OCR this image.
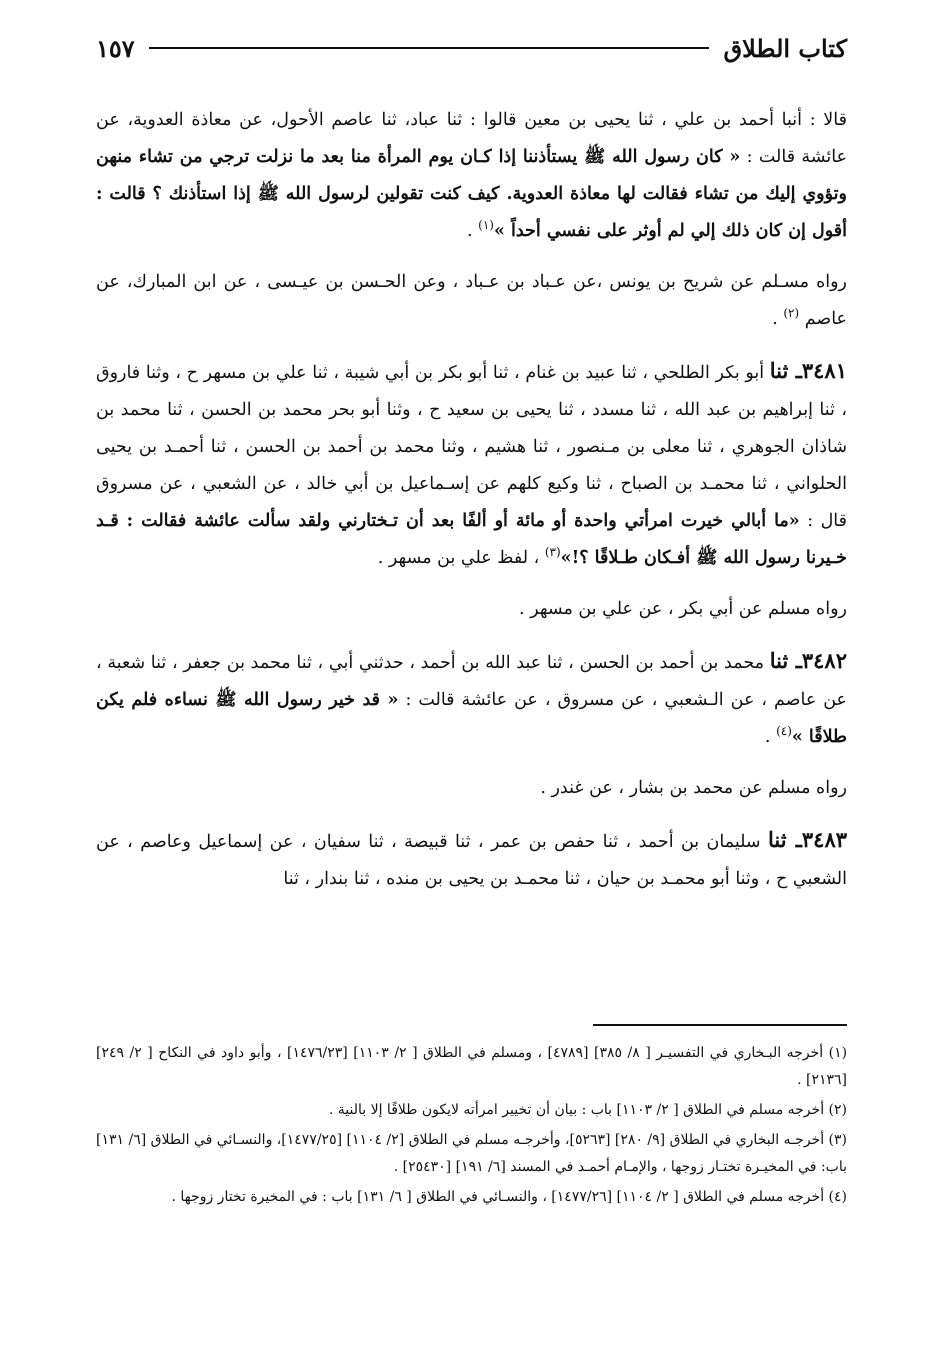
كتاب الطلاق
١٥٧

قالا : أنبا أحمد بن علي ، ثنا يحيى بن معين قالوا : ثنا عباد، ثنا عاصم الأحول، عن معاذة العدوية، عن عائشة قالت : « كان رسول الله ﷺ يستأذننا إذا كـان يوم المرأة منا بعد ما نزلت ترجي من تشاء منهن وتؤوي إليك من تشاء فقالت لها معاذة العدوية. كيف كنت تقولين لرسول الله ﷺ إذا استأذنك ؟ قالت : أقول إن كان ذلك إلي لم أوثر على نفسي أحداً »$^{(١)}$ .

رواه مسـلم عن شريح بن يونس ،عن عـباد بن عـباد ، وعن الحـسن بن عيـسى ، عن ابن المبارك، عن عاصم $^{(٢)}$ .

٣٤٨١ـ ثنا أبو بكر الطلحي ، ثنا عبيد بن غنام ، ثنا أبو بكر بن أبي شيبة ، ثنا علي بن مسهر ح ، وثنا فاروق ، ثنا إبراهيم بن عبد الله ، ثنا مسدد ، ثنا يحيى بن سعيد ح ، وثنا أبو بحر محمد بن الحسن ، ثنا محمد بن شاذان الجوهري ، ثنا معلى بن مـنصور ، ثنا هشيم ، وثنا محمد بن أحمد بن الحسن ، ثنا أحمـد بن يحيى الحلواني ، ثنا محمـد بن الصباح ، ثنا وكيع كلهم عن إسـماعيل بن أبي خالد ، عن الشعبي ، عن مسروق قال : «ما أبالي خيرت امرأتي واحدة أو مائة أو ألفًا بعد أن تـختارني ولقد سألت عائشة فقالت : قـد خـيرنا رسول الله ﷺ أفـكان طـلاقًا ؟!»$^{(٣)}$ ، لفظ علي بن مسهر .

رواه مسلم عن أبي بكر ، عن علي بن مسهر .

٣٤٨٢ـ ثنا محمد بن أحمد بن الحسن ، ثنا عبد الله بن أحمد ، حدثني أبي ، ثنا محمد بن جعفر ، ثنا شعبة ، عن عاصم ، عن الـشعبي ، عن مسروق ، عن عائشة قالت : « قد خير رسول الله ﷺ نساءه فلم يكن طلاقًا »$^{(٤)}$ .

رواه مسلم عن محمد بن بشار ، عن غندر .

٣٤٨٣ـ ثنا سليمان بن أحمد ، ثنا حفص بن عمر ، ثنا قبيصة ، ثنا سفيان ، عن إسماعيل وعاصم ، عن الشعبي ح ، وثنا أبو محمـد بن حيان ، ثنا محمـد بن يحيى بن منده ، ثنا بندار ، ثنا

(١) أخرجه البـخاري في التفسيـر [ ٨/ ٣٨٥] [٤٧٨٩] ، ومسلم في الطلاق [ ٢/ ١١٠٣] [١٤٧٦/٢٣] ، وأبو داود في النكاح [ ٢/ ٢٤٩] [٢١٣٦] .

(٢) أخرجه مسلم في الطلاق [ ٢/ ١١٠٣] باب : بيان أن تخيير امرأته لايكون طلاقًا إلا بالنية .

(٣) أخرجـه البخاري في الطلاق [٩/ ٢٨٠] [٥٢٦٣]، وأخرجـه مسلم في الطلاق [٢/ ١١٠٤] [١٤٧٧/٢٥]، والنسـائي في الطلاق [٦/ ١٣١] باب: في المخيـرة تختـار زوجها ، والإمـام أحمـد في المسند [٦/ ١٩١] [٢٥٤٣٠] .

(٤) أخرجه مسلم في الطلاق [ ٢/ ١١٠٤] [١٤٧٧/٢٦] ، والنسـائي في الطلاق [ ٦/ ١٣١] باب : في المخيرة تختار زوجها .
